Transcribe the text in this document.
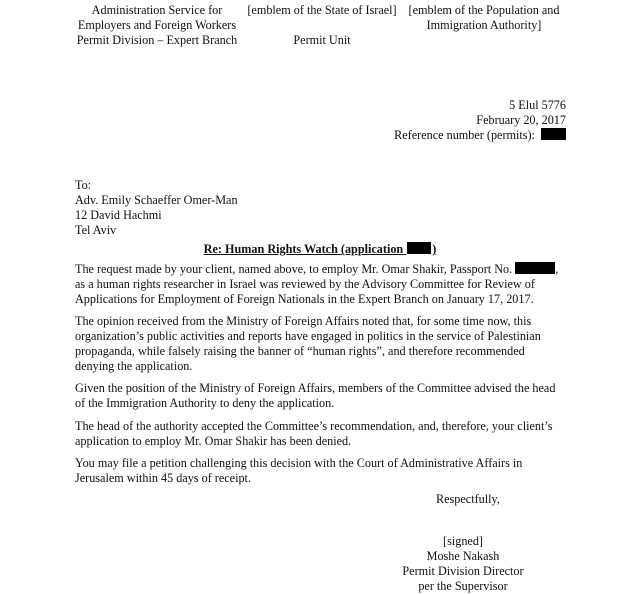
Administration Service for
Employers and Foreign Workers
Permit Division – Expert Branch
[emblem of the State of Israel]
Permit Unit
[emblem of the Population and
Immigration Authority]
5 Elul 5776
February 20, 2017
Reference number (permits):
To:
Adv. Emily Schaeffer Omer-Man
12 David Hachmi
Tel Aviv
Re: Human Rights Watch (application )
The request made by your client, named above, to employ Mr. Omar Shakir, Passport No.	, as a human rights researcher in Israel was reviewed by the Advisory Committee for Review of Applications for Employment of Foreign Nationals in the Expert Branch on January 17, 2017.
The opinion received from the Ministry of Foreign Affairs noted that, for some time now, this organization’s public activities and reports have engaged in politics in the service of Palestinian propaganda, while falsely raising the banner of “human rights”, and therefore recommended denying the application.
Given the position of the Ministry of Foreign Affairs, members of the Committee advised the head of the Immigration Authority to deny the application.
The head of the authority accepted the Committee’s recommendation, and, therefore, your client’s application to employ Mr. Omar Shakir has been denied.
You may file a petition challenging this decision with the Court of Administrative Affairs in Jerusalem within 45 days of receipt.
Respectfully,
[signed]
Moshe Nakash
Permit Division Director
per the Supervisor
